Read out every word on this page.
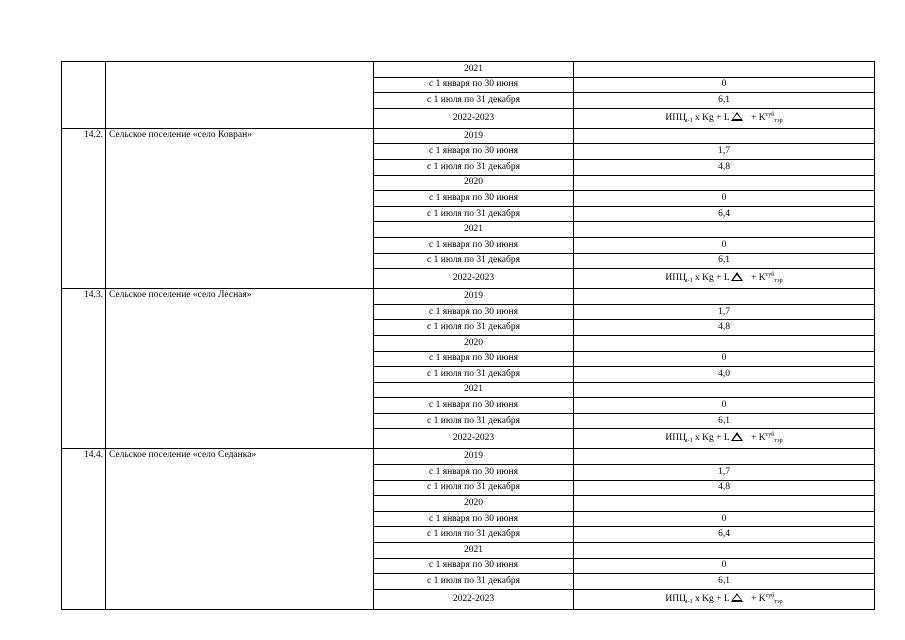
		2021	
		с 1 января по 30 июня	0
		с 1 июля по 31 декабря	6,1
		2022-2023	$ИПЦ_{t-1}$ x $Kg + L + K^{суб}_{тэр}$
14.2.	Сельское поселение «село Ковран»	2019	
		с 1 января по 30 июня	1,7
		с 1 июля по 31 декабря	4,8
		2020	
		с 1 января по 30 июня	0
		с 1 июля по 31 декабря	6,4
		2021	
		с 1 января по 30 июня	0
		с 1 июля по 31 декабря	6,1
		2022-2023	$ИПЦ_{t-1}$ x $Kg + L + K^{суб}_{тэр}$
14.3.	Сельское поселение «село Лесная»	2019	
		с 1 января по 30 июня	1,7
		с 1 июля по 31 декабря	4,8
		2020	
		с 1 января по 30 июня	0
		с 1 июля по 31 декабря	4,0
		2021	
		с 1 января по 30 июня	0
		с 1 июля по 31 декабря	6,1
		2022-2023	$ИПЦ_{t-1}$ x $Kg + L + K^{суб}_{тэр}$
14.4.	Сельское поселение «село Седанка»	2019	
		с 1 января по 30 июня	1,7
		с 1 июля по 31 декабря	4,8
		2020	
		с 1 января по 30 июня	0
		с 1 июля по 31 декабря	6,4
		2021	
		с 1 января по 30 июня	0
		с 1 июля по 31 декабря	6,1
		2022-2023	$ИПЦ_{t-1}$ x $Kg + L + K^{суб}_{тэр}$
